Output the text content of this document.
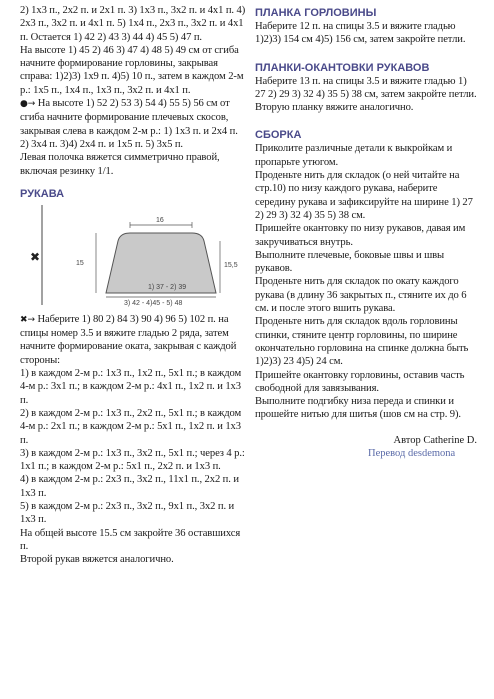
2) 1x3 п., 2x2 п. и 2x1 п. 3) 1x3 п., 3x2 п. и 4x1 п. 4) 2x3 п., 3x2 п. и 4x1 п. 5) 1x4 п., 2x3 п., 3x2 п. и 4x1 п. Остается 1) 42 2) 43 3) 44 4) 45 5) 47 п.

На высоте 1) 45 2) 46 3) 47 4) 48 5) 49 см от сгиба начните формирование горловины, закрывая справа: 1)2)3) 1x9 п. 4)5) 10 п., затем в каждом 2-м р.: 1x5 п., 1x4 п., 1x3 п., 3x2 п. и 4x1 п.

●→ На высоте 1) 52 2) 53 3) 54 4) 55 5) 56 см от сгиба начните формирование плечевых скосов, закрывая слева в каждом 2-м р.: 1) 1x3 п. и 2x4 п. 2) 3x4 п. 3)4) 2x4 п. и 1x5 п. 5) 3x5 п.

Левая полочка вяжется симметрично правой, включая резинку 1/1.

РУКАВА
✖
16
15	15,5
1) 37 - 2) 39
3) 42 - 4)45 - 5) 48

✖→ Наберите 1) 80 2) 84 3) 90 4) 96 5) 102 п. на спицы номер 3.5 и вяжите гладью 2 ряда, затем начните формирование оката, закрывая с каждой стороны:

1) в каждом 2-м р.: 1x3 п., 1x2 п., 5x1 п.; в каждом 4-м р.: 3x1 п.; в каждом 2-м р.: 4x1 п., 1x2 п. и 1x3 п.

2) в каждом 2-м р.: 1x3 п., 2x2 п., 5x1 п.; в каждом 4-м р.: 2x1 п.; в каждом 2-м р.: 5x1 п., 1x2 п. и 1x3 п.

3) в каждом 2-м р.: 1x3 п., 3x2 п., 5x1 п.; через 4 р.: 1x1 п.; в каждом 2-м р.: 5x1 п., 2x2 п. и 1x3 п.

4) в каждом 2-м р.: 2x3 п., 3x2 п., 11x1 п., 2x2 п. и 1x3 п.

5) в каждом 2-м р.: 2x3 п., 3x2 п., 9x1 п., 3x2 п. и 1x3 п.

На общей высоте 15.5 см закройте 36 оставшихся п.

Второй рукав вяжется аналогично.

ПЛАНКА ГОРЛОВИНЫ

Наберите 12 п. на спицы 3.5 и вяжите гладью 1)2)3) 154 см 4)5) 156 см, затем закройте петли.

ПЛАНКИ-ОКАНТОВКИ РУКАВОВ

Наберите 13 п. на спицы 3.5 и вяжите гладью 1) 27 2) 29 3) 32 4) 35 5) 38 см, затем закройте петли. Вторую планку вяжите аналогично.

СБОРКА

Приколите различные детали к выкройкам и пропарьте утюгом.

Проденьте нить для складок (о ней читайте на стр.10) по низу каждого рукава, наберите середину рукава и зафиксируйте на ширине 1) 27 2) 29 3) 32 4) 35 5) 38 см.

Пришейте окантовку по низу рукавов, давая им закручиваться внутрь.

Выполните плечевые, боковые швы и швы рукавов.

Проденьте нить для складок по окату каждого рукава (в длину 36 закрытых п., стяните их до 6 см. и после этого вшить рукава.

Проденьте нить для складок вдоль горловины спинки, стяните центр горловины, по ширине окончательно горловина на спинке должна быть 1)2)3) 23 4)5) 24 см.

Пришейте окантовку горловины, оставив часть свободной для завязывания.

Выполните подгибку низа переда и спинки и прошейте нитью для шитья (шов см на стр. 9).

Автор Catherine D.
Перевод desdemona
